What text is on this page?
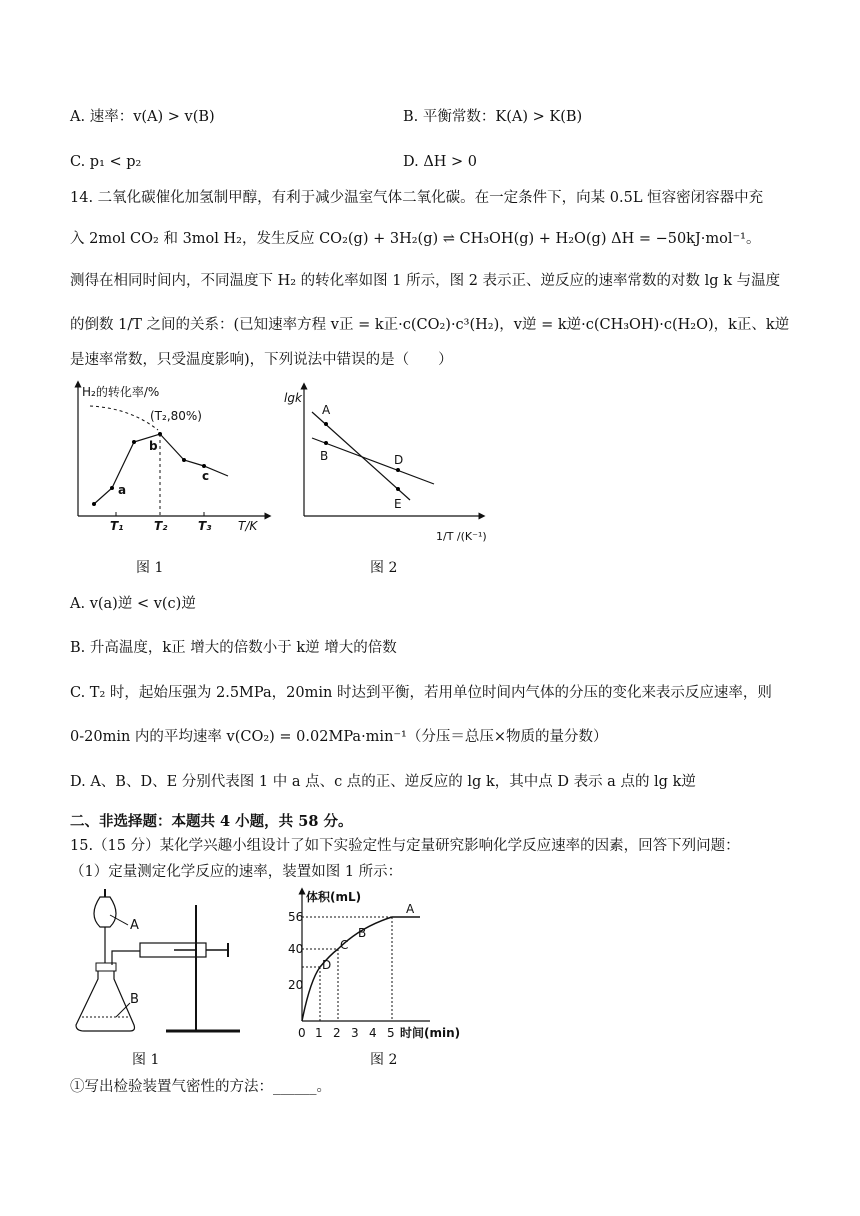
A. 速率：v(A) > v(B)	B. 平衡常数：K(A) > K(B)
C. p₁ < p₂	D. ΔH > 0
14. 二氧化碳催化加氢制甲醇，有利于减少温室气体二氧化碳。在一定条件下，向某 0.5L 恒容密闭容器中充
入 2mol CO₂ 和 3mol H₂，发生反应 CO₂(g) + 3H₂(g) ⇌ CH₃OH(g) + H₂O(g) ΔH = −50kJ·mol⁻¹。
测得在相同时间内，不同温度下 H₂ 的转化率如图 1 所示，图 2 表示正、逆反应的速率常数的对数 lg k 与温度
的倒数 1/T 之间的关系：(已知速率方程 v正 = k正·c(CO₂)·c³(H₂)，v逆 = k逆·c(CH₃OH)·c(H₂O)，k正、k逆
是速率常数，只受温度影响)，下列说法中错误的是（　　）
H₂的转化率/%
T/K
(T₂,80%)
a
b
c
T₁	T₂	T₃
图 1
lgk
1/T /(K⁻¹)
A
B	D
E
图 2
A. v(a)逆 < v(c)逆
B. 升高温度，k正 增大的倍数小于 k逆 增大的倍数
C. T₂ 时，起始压强为 2.5MPa，20min 时达到平衡，若用单位时间内气体的分压的变化来表示反应速率，则
0-20min 内的平均速率 v(CO₂) = 0.02MPa·min⁻¹（分压＝总压×物质的量分数）
D. A、B、D、E 分别代表图 1 中 a 点、c 点的正、逆反应的 lg k，其中点 D 表示 a 点的 lg k逆
二、非选择题：本题共 4 小题，共 58 分。
15.（15 分）某化学兴趣小组设计了如下实验定性与定量研究影响化学反应速率的因素，回答下列问题：
（1）定量测定化学反应的速率，装置如图 1 所示：
A
B
图 1
体积(mL)
56
40
20
0 1 2 3 4 5 时间(min)
D
C
B
A
图 2
①写出检验装置气密性的方法：______。
